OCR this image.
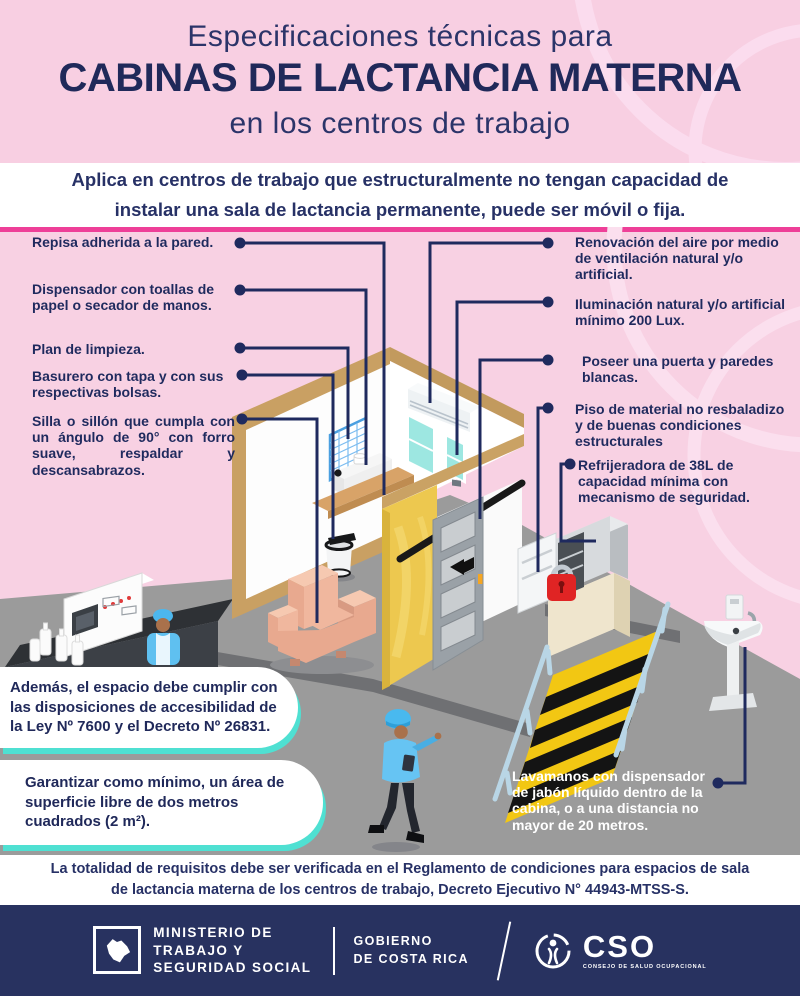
Especificaciones técnicas para
CABINAS DE LACTANCIA MATERNA
en los centros de trabajo
Aplica en centros de trabajo que estructuralmente no tengan capacidad de instalar una sala de lactancia permanente, puede ser móvil o fija.
Repisa adherida a la pared.
Dispensador con toallas de papel o secador de manos.
Plan de limpieza.
Basurero con tapa y con sus respectivas bolsas.
Silla o sillón que cumpla con un ángulo de 90° con forro suave, respaldar y descansabrazos.
Renovación del aire por medio de ventilación natural y/o artificial.
Iluminación natural y/o artificial mínimo 200 Lux.
Poseer una puerta y paredes blancas.
Piso de material no resbaladizo y de buenas condiciones estructurales
Refrijeradora de 38L de capacidad mínima con mecanismo de seguridad.
Lavamanos con dispensador de jabón líquido dentro de la cabina, o a una distancia no mayor de 20 metros.
Además, el espacio debe cumplir con las disposiciones de accesibilidad de la Ley Nº 7600 y el Decreto Nº 26831.
Garantizar como mínimo, un área de superficie libre de dos metros cuadrados (2 m²).
La totalidad de requisitos debe ser verificada en el Reglamento de condiciones para espacios de sala de lactancia materna de los centros de trabajo, Decreto Ejecutivo N° 44943-MTSS-S.
MINISTERIO DE
TRABAJO Y
SEGURIDAD SOCIAL
GOBIERNO
DE COSTA RICA	CSO
CONSEJO DE SALUD OCUPACIONAL
